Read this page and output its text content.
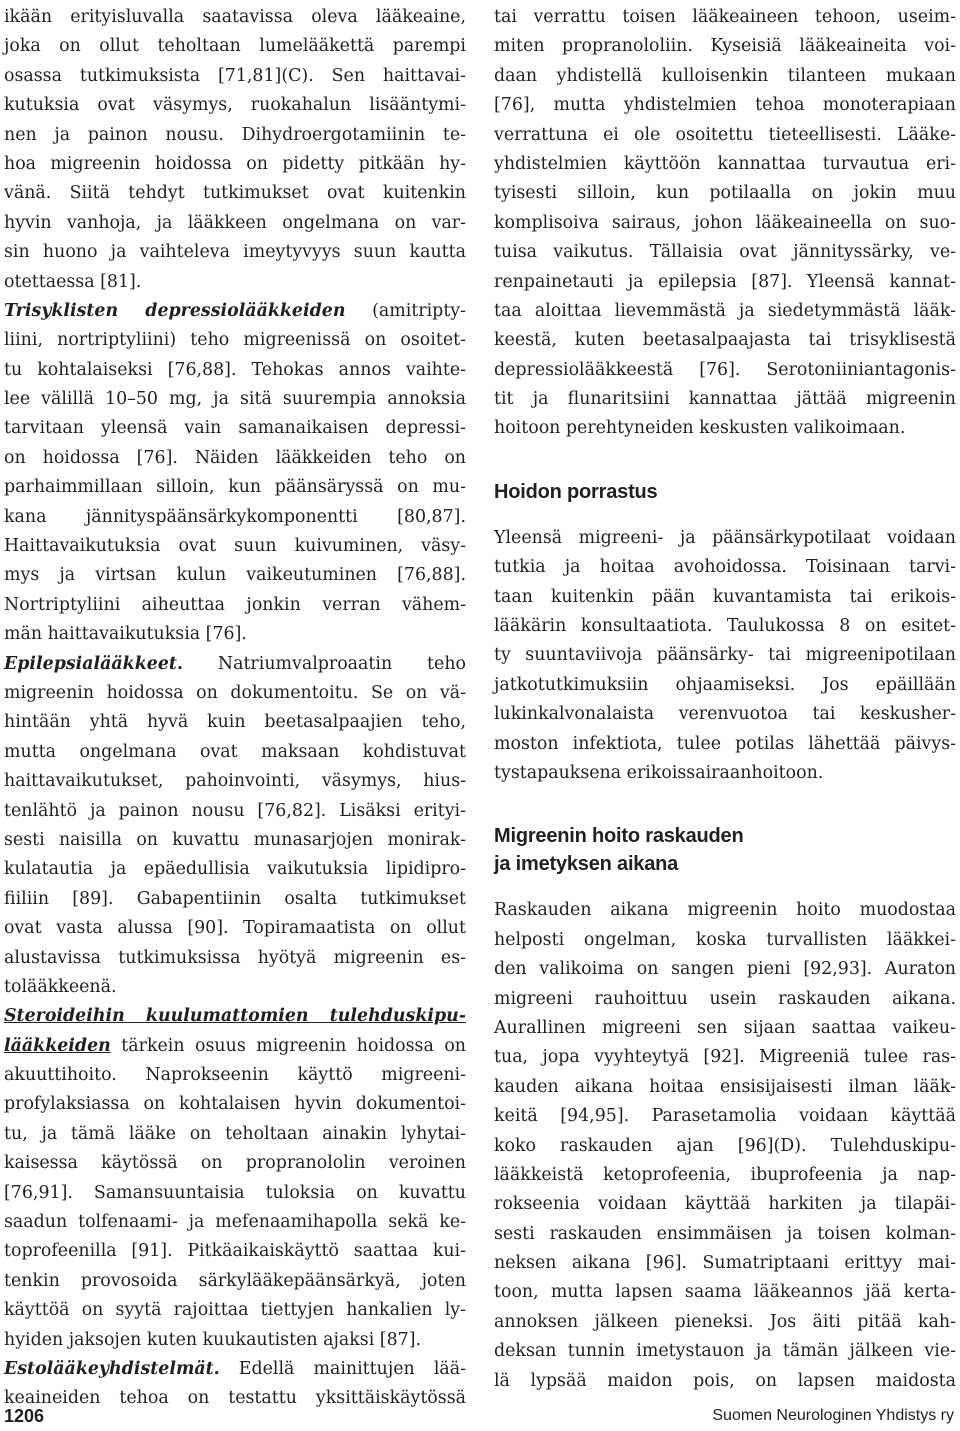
ikään erityisluvalla saatavissa oleva lääkeaine,
joka on ollut teholtaan lumelääkettä parempi
osassa tutkimuksista [71,81](C). Sen haittavai-
kutuksia ovat väsymys, ruokahalun lisääntymi-
nen ja painon nousu. Dihydroergotamiinin te-
hoa migreenin hoidossa on pidetty pitkään hy-
vänä. Siitä tehdyt tutkimukset ovat kuitenkin
hyvin vanhoja, ja lääkkeen ongelmana on var-
sin huono ja vaihteleva imeytyvyys suun kautta
otettaessa [81].
Trisyklisten depressiolääkkeiden (amitripty-
liini, nortriptyliini) teho migreenissä on osoitet-
tu kohtalaiseksi [76,88]. Tehokas annos vaihte-
lee välillä 10–50 mg, ja sitä suurempia annoksia
tarvitaan yleensä vain samanaikaisen depressi-
on hoidossa [76]. Näiden lääkkeiden teho on
parhaimmillaan silloin, kun päänsäryssä on mu-
kana jännityspäänsärkykomponentti [80,87].
Haittavaikutuksia ovat suun kuivuminen, väsy-
mys ja virtsan kulun vaikeutuminen [76,88].
Nortriptyliini aiheuttaa jonkin verran vähem-
män haittavaikutuksia [76].
Epilepsialääkkeet. Natriumvalproaatin teho
migreenin hoidossa on dokumentoitu. Se on vä-
hintään yhtä hyvä kuin beetasalpaajien teho,
mutta ongelmana ovat maksaan kohdistuvat
haittavaikutukset, pahoinvointi, väsymys, hius-
tenlähtö ja painon nousu [76,82]. Lisäksi erityi-
sesti naisilla on kuvattu munasarjojen monirak-
kulatautia ja epäedullisia vaikutuksia lipidipro-
fiiliin [89]. Gabapentiinin osalta tutkimukset
ovat vasta alussa [90]. Topiramaatista on ollut
alustavissa tutkimuksissa hyötyä migreenin es-
tolääkkeenä.
Steroideihin kuulumattomien tulehduskipu-
lääkkeiden tärkein osuus migreenin hoidossa on
akuuttihoito. Naprokseenin käyttö migreeni-
profylaksiassa on kohtalaisen hyvin dokumentoi-
tu, ja tämä lääke on teholtaan ainakin lyhytai-
kaisessa käytössä on propranololin veroinen
[76,91]. Samansuuntaisia tuloksia on kuvattu
saadun tolfenaami- ja mefenaamihapolla sekä ke-
toprofeenilla [91]. Pitkäaikaiskäyttö saattaa kui-
tenkin provosoida särkylääkepäänsärkyä, joten
käyttöä on syytä rajoittaa tiettyjen hankalien ly-
hyiden jaksojen kuten kuukautisten ajaksi [87].
Estolääkeyhdistelmät. Edellä mainittujen lää-
keaineiden tehoa on testattu yksittäiskäytössä
tai verrattu toisen lääkeaineen tehoon, useim-
miten propranololiin. Kyseisiä lääkeaineita voi-
daan yhdistellä kulloisenkin tilanteen mukaan
[76], mutta yhdistelmien tehoa monoterapiaan
verrattuna ei ole osoitettu tieteellisesti. Lääke-
yhdistelmien käyttöön kannattaa turvautua eri-
tyisesti silloin, kun potilaalla on jokin muu
komplisoiva sairaus, johon lääkeaineella on suo-
tuisa vaikutus. Tällaisia ovat jännityssärky, ve-
renpainetauti ja epilepsia [87]. Yleensä kannat-
taa aloittaa lievemmästä ja siedetymmästä lääk-
keestä, kuten beetasalpaajasta tai trisyklisestä
depressiolääkkeestä [76]. Serotoniiniantagonis-
tit ja flunaritsiini kannattaa jättää migreenin
hoitoon perehtyneiden keskusten valikoimaan.
Hoidon porrastus
Yleensä migreeni- ja päänsärkypotilaat voidaan
tutkia ja hoitaa avohoidossa. Toisinaan tarvi-
taan kuitenkin pään kuvantamista tai erikois-
lääkärin konsultaatiota. Taulukossa 8 on esitet-
ty suuntaviivoja päänsärky- tai migreenipotilaan
jatkotutkimuksiin ohjaamiseksi. Jos epäillään
lukinkalvonalaista verenvuotoa tai keskusher-
moston infektiota, tulee potilas lähettää päivys-
tystapauksena erikoissairaanhoitoon.
Migreenin hoito raskauden
ja imetyksen aikana
Raskauden aikana migreenin hoito muodostaa
helposti ongelman, koska turvallisten lääkkei-
den valikoima on sangen pieni [92,93]. Auraton
migreeni rauhoittuu usein raskauden aikana.
Aurallinen migreeni sen sijaan saattaa vaikeu-
tua, jopa vyyhteytyä [92]. Migreeniä tulee ras-
kauden aikana hoitaa ensisijaisesti ilman lääk-
keitä [94,95]. Parasetamolia voidaan käyttää
koko raskauden ajan [96](D). Tulehduskipu-
lääkkeistä ketoprofeenia, ibuprofeenia ja nap-
rokseenia voidaan käyttää harkiten ja tilapäi-
sesti raskauden ensimmäisen ja toisen kolman-
neksen aikana [96]. Sumatriptaani erittyy mai-
toon, mutta lapsen saama lääkeannos jää kerta-
annoksen jälkeen pieneksi. Jos äiti pitää kah-
deksan tunnin imetystauon ja tämän jälkeen vie-
lä lypsää maidon pois, on lapsen maidosta
1206	Suomen Neurologinen Yhdistys ry
